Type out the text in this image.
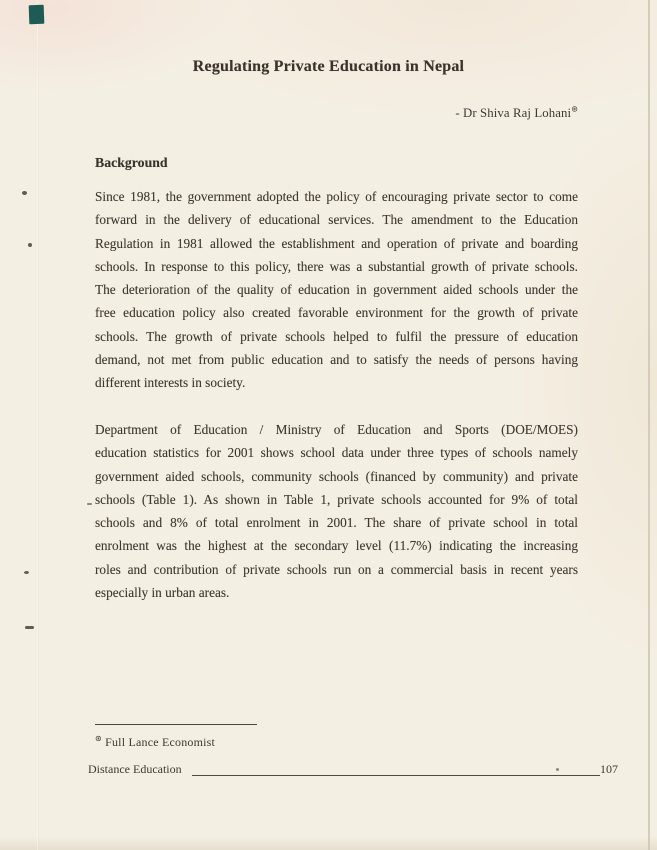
Regulating Private Education in Nepal
- Dr Shiva Raj Lohani⊛
Background
Since 1981, the government adopted the policy of encouraging private sector to come
forward in the delivery of educational services. The amendment to the Education
Regulation in 1981 allowed the establishment and operation of private and boarding
schools. In response to this policy, there was a substantial growth of private schools.
The deterioration of the quality of education in government aided schools under the
free education policy also created favorable environment for the growth of private
schools. The growth of private schools helped to fulfil the pressure of education
demand, not met from public education and to satisfy the needs of persons having
different interests in society.
Department of Education / Ministry of Education and Sports (DOE/MOES)
education statistics for 2001 shows school data under three types of schools namely
government aided schools, community schools (financed by community) and private
schools (Table 1). As shown in Table 1, private schools accounted for 9% of total
schools and 8% of total enrolment in 2001. The share of private school in total
enrolment was the highest at the secondary level (11.7%) indicating the increasing
roles and contribution of private schools run on a commercial basis in recent years
especially in urban areas.
⊛ Full Lance Economist
Distance Education	107
